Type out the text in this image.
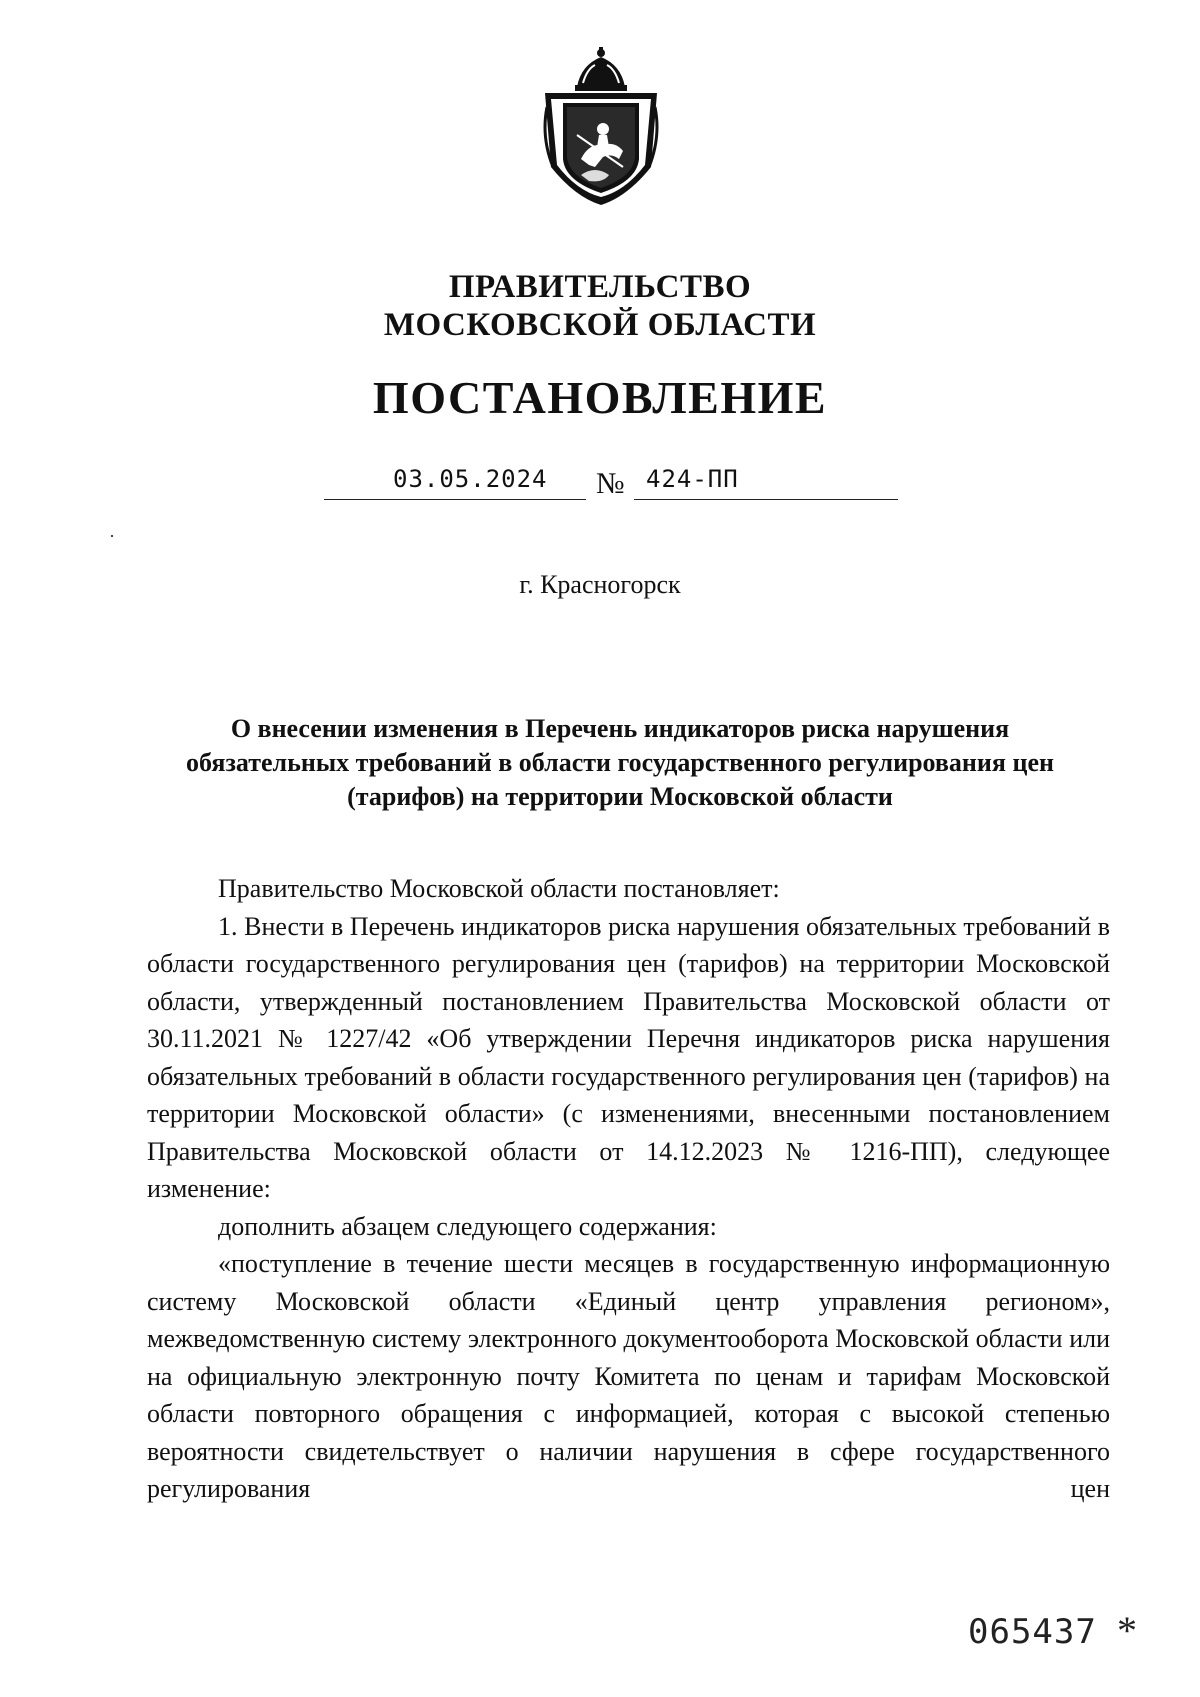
ПРАВИТЕЛЬСТВО
МОСКОВСКОЙ ОБЛАСТИ
ПОСТАНОВЛЕНИЕ
03.05.2024 № 424-ПП
г. Красногорск
О внесении изменения в Перечень индикаторов риска нарушения обязательных требований в области государственного регулирования цен (тарифов) на территории Московской области

Правительство Московской области постановляет:

1. Внести в Перечень индикаторов риска нарушения обязательных требований в области государственного регулирования цен (тарифов) на территории Московской области, утвержденный постановлением Правительства Московской области от 30.11.2021 № 1227/42 «Об утверждении Перечня индикаторов риска нарушения обязательных требований в области государственного регулирования цен (тарифов) на территории Московской области» (с изменениями, внесенными постановлением Правительства Московской области от 14.12.2023 № 1216-ПП), следующее изменение:

дополнить абзацем следующего содержания:

«поступление в течение шести месяцев в государственную информационную систему Московской области «Единый центр управления регионом», межведомственную систему электронного документооборота Московской области или на официальную электронную почту Комитета по ценам и тарифам Московской области повторного обращения с информацией, которая с высокой степенью вероятности свидетельствует о наличии нарушения в сфере государственного регулирования цен

065437 *
